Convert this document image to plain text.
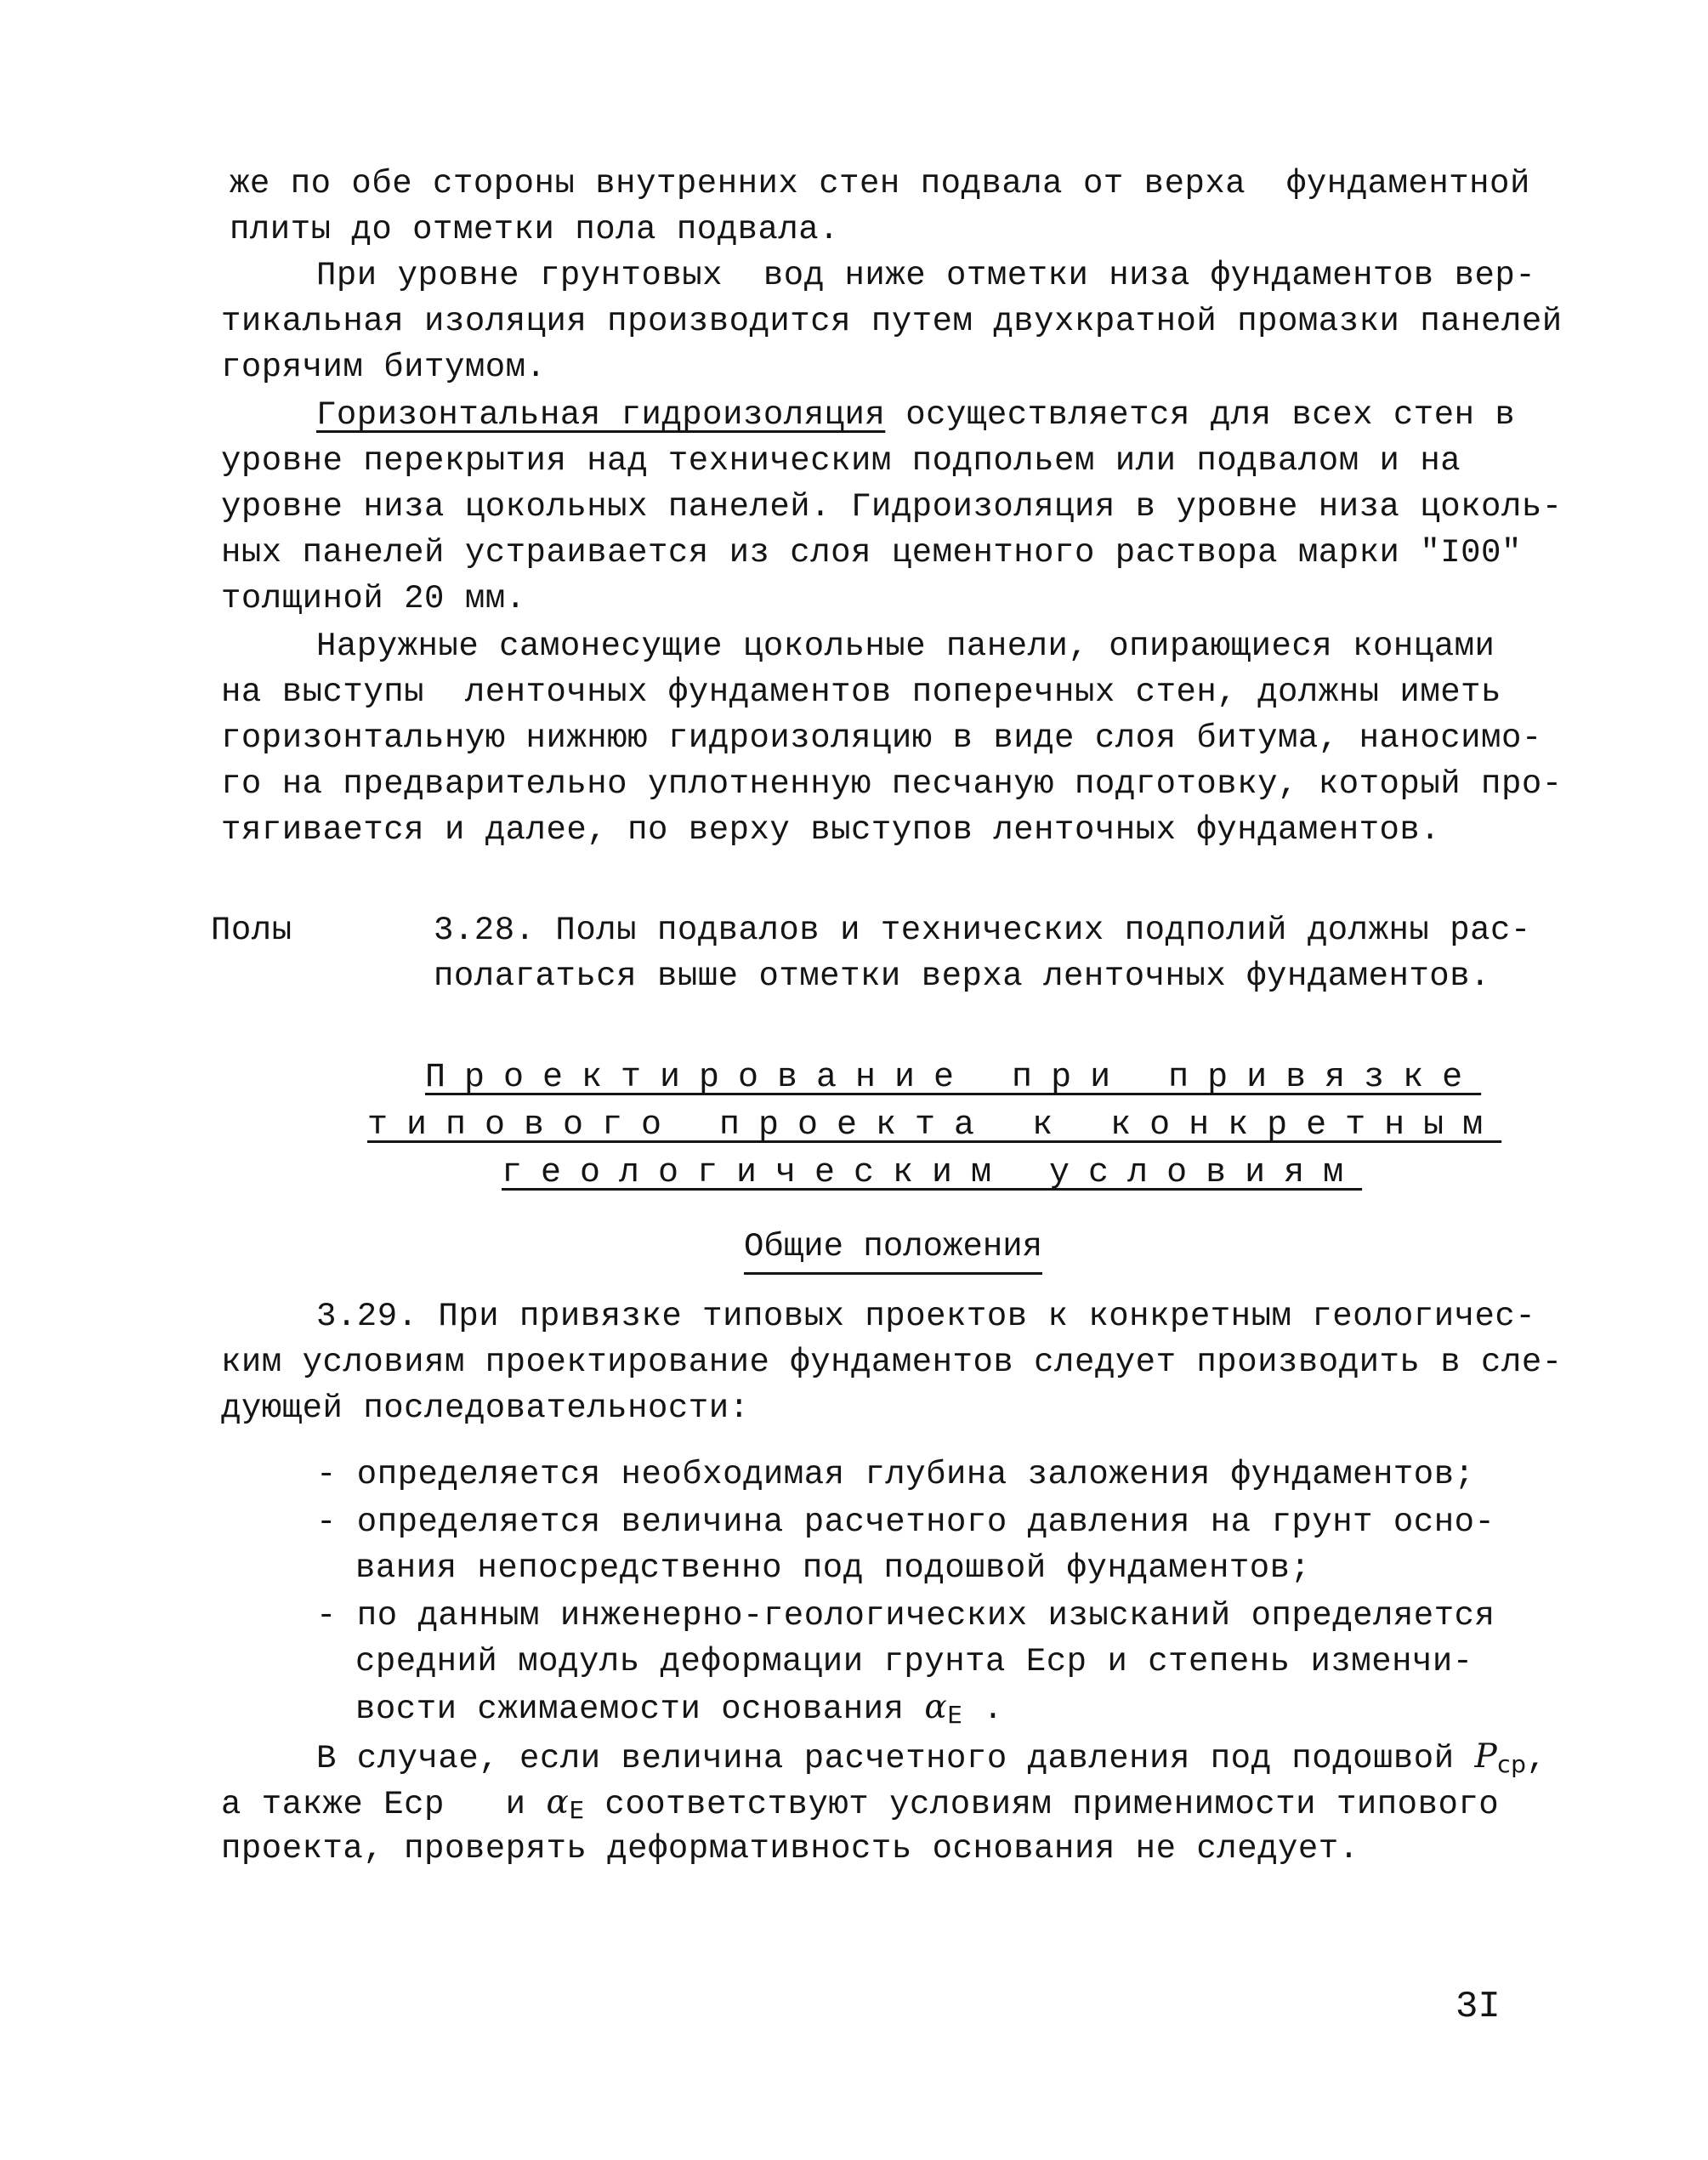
же по обе стороны внутренних стен подвала от верха  фундаментной
плиты до отметки пола подвала.
При уровне грунтовых  вод ниже отметки низа фундаментов вер-
тикальная изоляция производится путем двухкратной промазки панелей
горячим битумом.
Горизонтальная гидроизоляция осуществляется для всех стен в
уровне перекрытия над техническим подпольем или подвалом и на
уровне низа цокольных панелей. Гидроизоляция в уровне низа цоколь-
ных панелей устраивается из слоя цементного раствора марки "I00"
толщиной 20 мм.
Наружные самонесущие цокольные панели, опирающиеся концами
на выступы  ленточных фундаментов поперечных стен, должны иметь
горизонтальную нижнюю гидроизоляцию в виде слоя битума, наносимо-
го на предварительно уплотненную песчаную подготовку, который про-
тягивается и далее, по верху выступов ленточных фундаментов.
Полы	3.28. Полы подвалов и технических подполий должны рас-
полагаться выше отметки верха ленточных фундаментов.
Проектирование при привязке
типового проекта к конкретным
геологическим условиям
Общие положения
3.29. При привязке типовых проектов к конкретным геологичес-
ким условиям проектирование фундаментов следует производить в сле-
дующей последовательности:
- определяется необходимая глубина заложения фундаментов;
- определяется величина расчетного давления на грунт осно-
вания непосредственно под подошвой фундаментов;
- по данным инженерно-геологических изысканий определяется
средний модуль деформации грунта Еср и степень изменчи-
вости сжимаемости основания $\alpha_E$ .
В случае, если величина расчетного давления под подошвой $P_{cp}$,
а также Еср   и $\alpha_E$ соответствуют условиям применимости типового
проекта, проверять деформативность основания не следует.
3I
